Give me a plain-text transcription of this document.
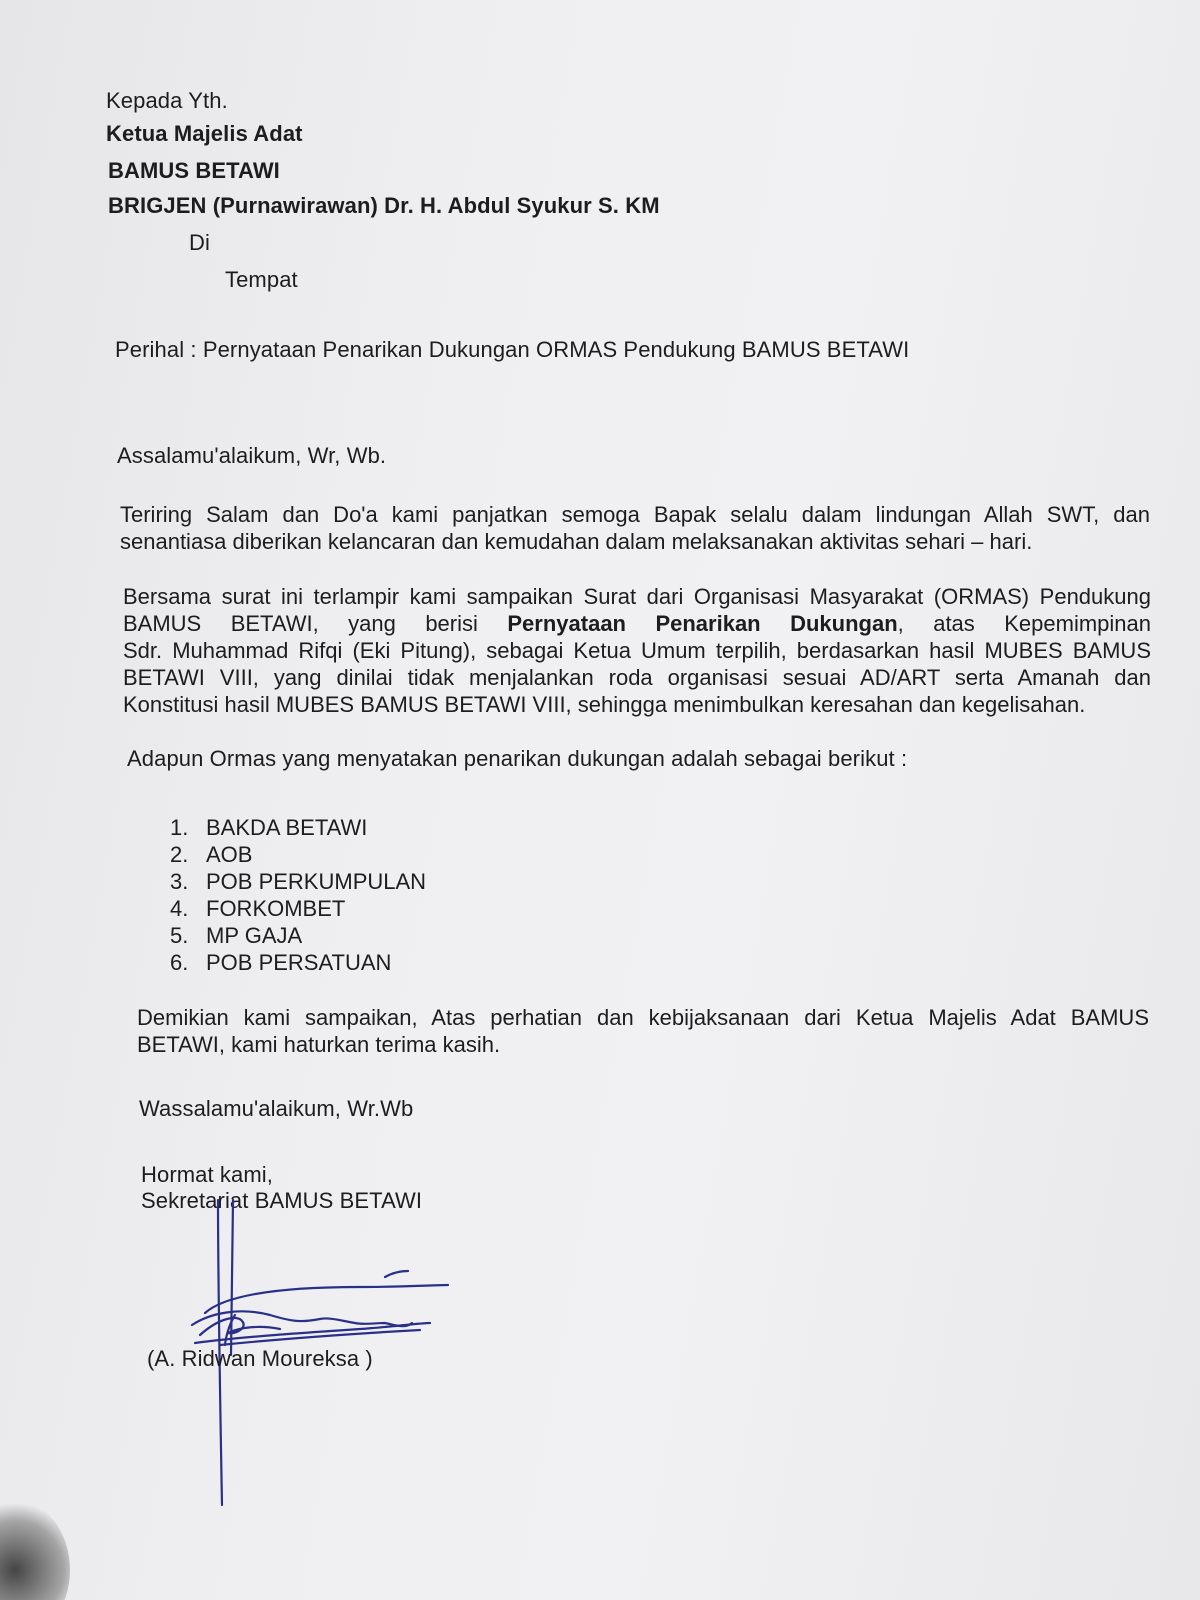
Kepada Yth.
Ketua Majelis Adat
BAMUS BETAWI
BRIGJEN (Purnawirawan) Dr. H. Abdul Syukur S. KM
Di
Tempat
Perihal : Pernyataan Penarikan Dukungan ORMAS Pendukung BAMUS BETAWI
Assalamu'alaikum, Wr, Wb.
Teriring Salam dan Do'a kami panjatkan semoga Bapak selalu dalam lindungan Allah SWT, dan
senantiasa diberikan kelancaran dan kemudahan dalam melaksanakan aktivitas sehari – hari.
Bersama surat ini terlampir kami sampaikan Surat dari Organisasi Masyarakat (ORMAS) Pendukung
BAMUS BETAWI, yang berisi Pernyataan Penarikan Dukungan, atas Kepemimpinan
Sdr. Muhammad Rifqi (Eki Pitung), sebagai Ketua Umum terpilih, berdasarkan hasil MUBES BAMUS
BETAWI VIII, yang dinilai tidak menjalankan roda organisasi sesuai AD/ART serta Amanah dan
Konstitusi hasil MUBES BAMUS BETAWI VIII, sehingga menimbulkan keresahan dan kegelisahan.
Adapun Ormas yang menyatakan penarikan dukungan adalah sebagai berikut :
1. BAKDA BETAWI
2. AOB
3. POB PERKUMPULAN
4. FORKOMBET
5. MP GAJA
6. POB PERSATUAN
Demikian kami sampaikan, Atas perhatian dan kebijaksanaan dari Ketua Majelis Adat BAMUS
BETAWI, kami haturkan terima kasih.
Wassalamu'alaikum, Wr.Wb
Hormat kami,
Sekretariat BAMUS BETAWI
(A. Ridwan Moureksa )
